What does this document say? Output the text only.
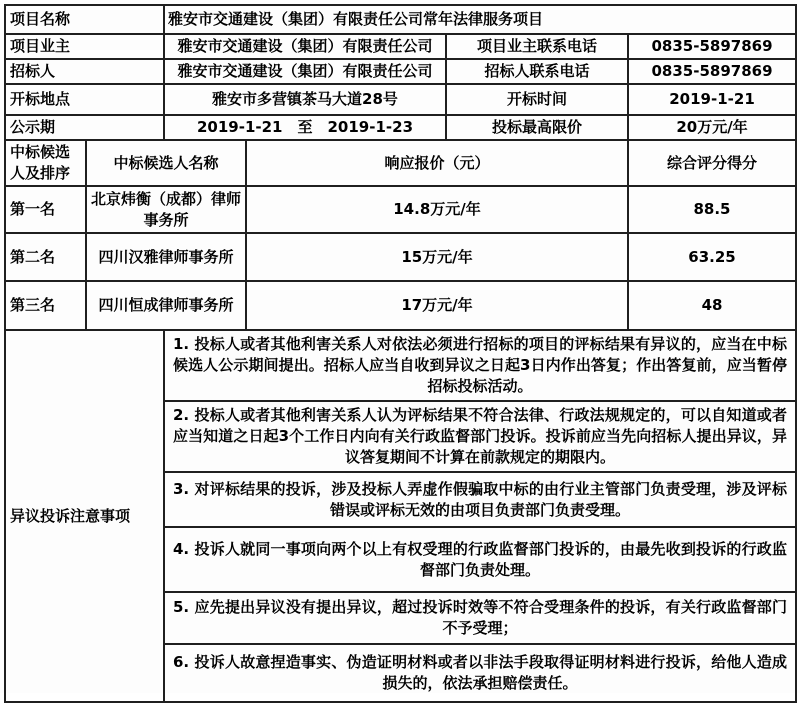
项目名称	雅安市交通建设（集团）有限责任公司常年法律服务项目		
项目业主	雅安市交通建设（集团）有限责任公司	项目业主联系电话	0835-5897869
招标人	雅安市交通建设（集团）有限责任公司	招标人联系电话	0835-5897869
开标地点	雅安市多营镇茶马大道28号	开标时间	2019-1-21
公示期	2019-1-21　至　2019-1-23	投标最高限价	20万元/年
中标候选人及排序	中标候选人名称	响应报价（元）	综合评分得分
第一名	北京炜衡（成都）律师事务所	14.8万元/年	88.5
第二名	四川汉雅律师事务所	15万元/年	63.25
第三名	四川恒成律师事务所	17万元/年	48
异议投诉注意事项	1. 投标人或者其他利害关系人对依法必须进行招标的项目的评标结果有异议的，应当在中标候选人公示期间提出。招标人应当自收到异议之日起3日内作出答复；作出答复前，应当暂停招标投标活动。
2. 投标人或者其他利害关系人认为评标结果不符合法律、行政法规规定的，可以自知道或者应当知道之日起3个工作日内向有关行政监督部门投诉。投诉前应当先向招标人提出异议，异议答复期间不计算在前款规定的期限内。
3. 对评标结果的投诉，涉及投标人弄虚作假骗取中标的由行业主管部门负责受理，涉及评标错误或评标无效的由项目负责部门负责受理。
4. 投诉人就同一事项向两个以上有权受理的行政监督部门投诉的，由最先收到投诉的行政监督部门负责处理。
5. 应先提出异议没有提出异议，超过投诉时效等不符合受理条件的投诉，有关行政监督部门不予受理；
6. 投诉人故意捏造事实、伪造证明材料或者以非法手段取得证明材料进行投诉，给他人造成损失的，依法承担赔偿责任。
